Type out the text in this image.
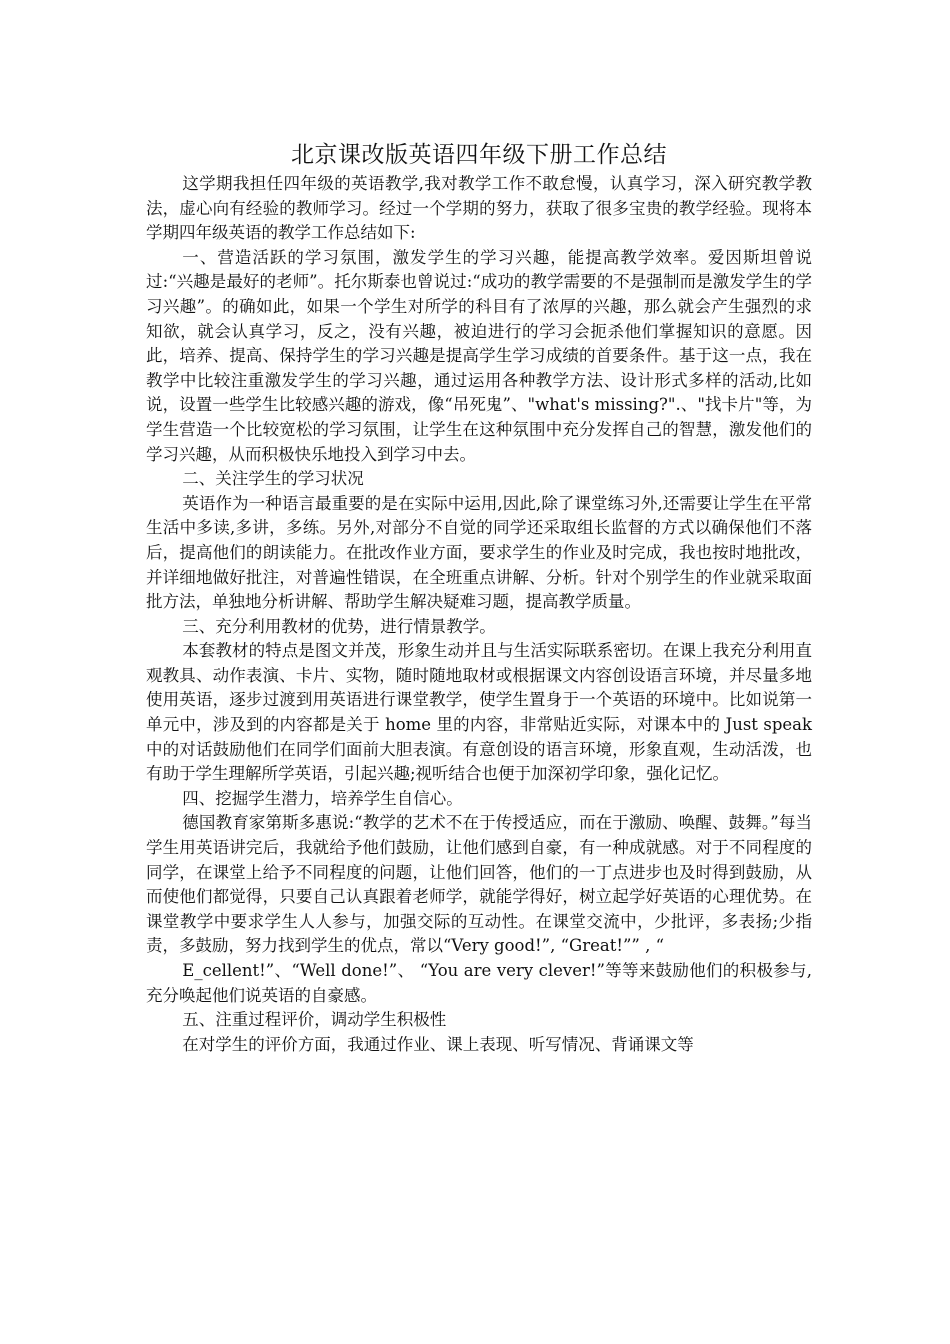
北京课改版英语四年级下册工作总结

这学期我担任四年级的英语教学,我对教学工作不敢怠慢，认真学习，深入研究教学教法，虚心向有经验的教师学习。经过一个学期的努力，获取了很多宝贵的教学经验。现将本学期四年级英语的教学工作总结如下:

一、营造活跃的学习氛围，激发学生的学习兴趣，能提高教学效率。爱因斯坦曾说过:“兴趣是最好的老师”。托尔斯泰也曾说过:“成功的教学需要的不是强制而是激发学生的学习兴趣”。的确如此，如果一个学生对所学的科目有了浓厚的兴趣，那么就会产生强烈的求知欲，就会认真学习，反之，没有兴趣，被迫进行的学习会扼杀他们掌握知识的意愿。因此，培养、提高、保持学生的学习兴趣是提高学生学习成绩的首要条件。基于这一点，我在教学中比较注重激发学生的学习兴趣，通过运用各种教学方法、设计形式多样的活动,比如说，设置一些学生比较感兴趣的游戏，像“吊死鬼”、"what's missing?".、"找卡片"等，为学生营造一个比较宽松的学习氛围，让学生在这种氛围中充分发挥自己的智慧，激发他们的学习兴趣，从而积极快乐地投入到学习中去。

二、关注学生的学习状况

英语作为一种语言最重要的是在实际中运用,因此,除了课堂练习外,还需要让学生在平常生活中多读,多讲，多练。另外,对部分不自觉的同学还采取组长监督的方式以确保他们不落后，提高他们的朗读能力。在批改作业方面，要求学生的作业及时完成，我也按时地批改，并详细地做好批注，对普遍性错误，在全班重点讲解、分析。针对个别学生的作业就采取面批方法，单独地分析讲解、帮助学生解决疑难习题，提高教学质量。

三、充分利用教材的优势，进行情景教学。

本套教材的特点是图文并茂，形象生动并且与生活实际联系密切。在课上我充分利用直观教具、动作表演、卡片、实物，随时随地取材或根据课文内容创设语言环境，并尽量多地使用英语，逐步过渡到用英语进行课堂教学，使学生置身于一个英语的环境中。比如说第一单元中，涉及到的内容都是关于 home 里的内容，非常贴近实际，对课本中的 Just speak 中的对话鼓励他们在同学们面前大胆表演。有意创设的语言环境，形象直观，生动活泼，也有助于学生理解所学英语，引起兴趣;视听结合也便于加深初学印象，强化记忆。

四、挖掘学生潜力，培养学生自信心。

德国教育家第斯多惠说:“教学的艺术不在于传授适应，而在于激励、唤醒、鼓舞。”每当学生用英语讲完后，我就给予他们鼓励，让他们感到自豪，有一种成就感。对于不同程度的同学，在课堂上给予不同程度的问题，让他们回答，他们的一丁点进步也及时得到鼓励，从而使他们都觉得，只要自己认真跟着老师学，就能学得好，树立起学好英语的心理优势。在课堂教学中要求学生人人参与，加强交际的互动性。在课堂交流中，少批评，多表扬;少指责，多鼓励，努力找到学生的优点，常以“Very good!”, “Great!”” , “

E_cellent!”、“Well done!”、 “You are very clever!”等等来鼓励他们的积极参与,充分唤起他们说英语的自豪感。

五、注重过程评价，调动学生积极性

在对学生的评价方面，我通过作业、课上表现、听写情况、背诵课文等
